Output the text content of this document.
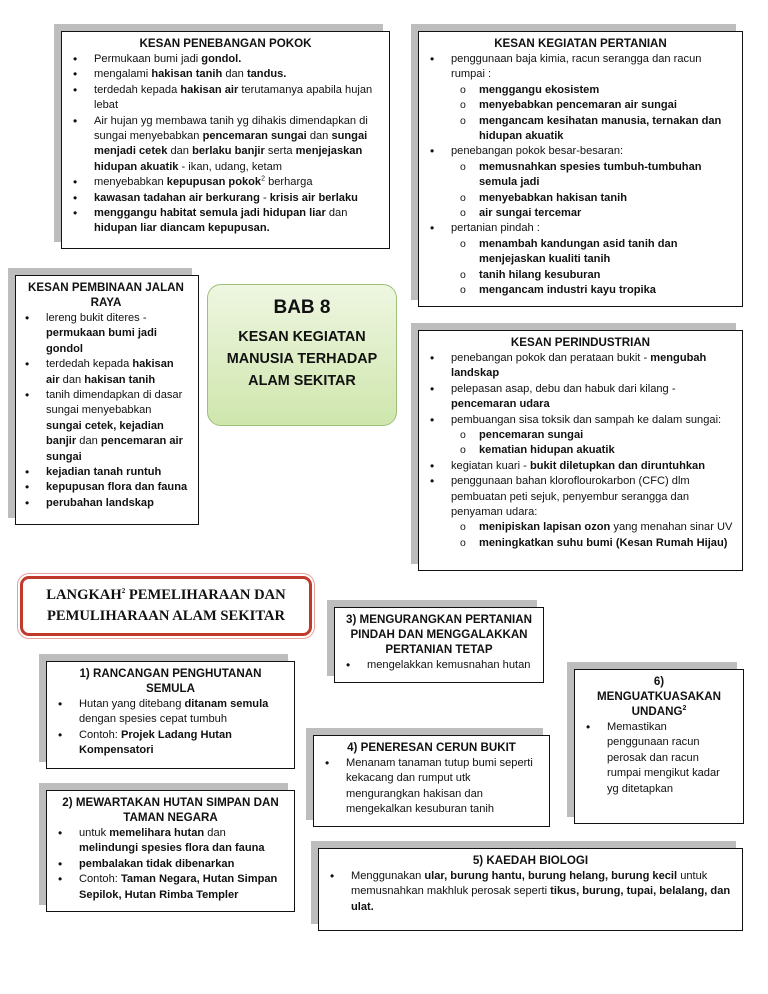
KESAN PENEBANGAN POKOK
• Permukaan bumi jadi gondol.
• mengalami hakisan tanih dan tandus.
• terdedah kepada hakisan air terutamanya apabila hujan lebat
• Air hujan yg membawa tanih yg dihakis dimendapkan di sungai menyebabkan pencemaran sungai dan sungai menjadi cetek dan berlaku banjir serta menjejaskan hidupan akuatik - ikan, udang, ketam
• menyebabkan kepupusan pokok$^2$ berharga
• kawasan tadahan air berkurang - krisis air berlaku
• menggangu habitat semula jadi hidupan liar dan hidupan liar diancam kepupusan.
KESAN KEGIATAN PERTANIAN
• penggunaan baja kimia, racun serangga dan racun rumpai :
o menggangu ekosistem
o menyebabkan pencemaran air sungai
o mengancam kesihatan manusia, ternakan dan hidupan akuatik
• penebangan pokok besar-besaran:
o memusnahkan spesies tumbuh-tumbuhan semula jadi
o menyebabkan hakisan tanih
o air sungai tercemar
• pertanian pindah :
o menambah kandungan asid tanih dan menjejaskan kualiti tanih
o tanih hilang kesuburan
o mengancam industri kayu tropika
KESAN PEMBINAAN JALAN RAYA
• lereng bukit diteres - permukaan bumi jadi gondol
• terdedah kepada hakisan air dan hakisan tanih
• tanih dimendapkan di dasar sungai menyebabkan sungai cetek, kejadian banjir dan pencemaran air sungai
• kejadian tanah runtuh
• kepupusan flora dan fauna
• perubahan landskap
BAB 8
KESAN KEGIATAN
MANUSIA TERHADAP
ALAM SEKITAR
KESAN PERINDUSTRIAN
• penebangan pokok dan perataan bukit - mengubah landskap
• pelepasan asap, debu dan habuk dari kilang - pencemaran udara
• pembuangan sisa toksik dan sampah ke dalam sungai:
o pencemaran sungai
o kematian hidupan akuatik
• kegiatan kuari - bukit diletupkan dan diruntuhkan
• penggunaan bahan kloroflourokarbon (CFC) dlm pembuatan peti sejuk, penyembur serangga dan penyaman udara:
o menipiskan lapisan ozon yang menahan sinar UV
o meningkatkan suhu bumi (Kesan Rumah Hijau)
LANGKAH$^2$ PEMELIHARAAN DAN
PEMULIHARAAN ALAM SEKITAR	3) MENGURANGKAN PERTANIAN PINDAH DAN MENGGALAKKAN PERTANIAN TETAP
• mengelakkan kemusnahan hutan
1) RANCANGAN PENGHUTANAN SEMULA
• Hutan yang ditebang ditanam semula dengan spesies cepat tumbuh
• Contoh: Projek Ladang Hutan Kompensatori
6)
MENGUATKUASAKAN UNDANG$^2$
• Memastikan penggunaan racun perosak dan racun rumpai mengikut kadar yg ditetapkan
4) PENERESAN CERUN BUKIT
• Menanam tanaman tutup bumi seperti kekacang dan rumput utk mengurangkan hakisan dan mengekalkan kesuburan tanih
2) MEWARTAKAN HUTAN SIMPAN DAN TAMAN NEGARA
• untuk memelihara hutan dan melindungi spesies flora dan fauna
• pembalakan tidak dibenarkan
• Contoh: Taman Negara, Hutan Simpan Sepilok, Hutan Rimba Templer
5) KAEDAH BIOLOGI
• Menggunakan ular, burung hantu, burung helang, burung kecil untuk memusnahkan makhluk perosak seperti tikus, burung, tupai, belalang, dan ulat.
